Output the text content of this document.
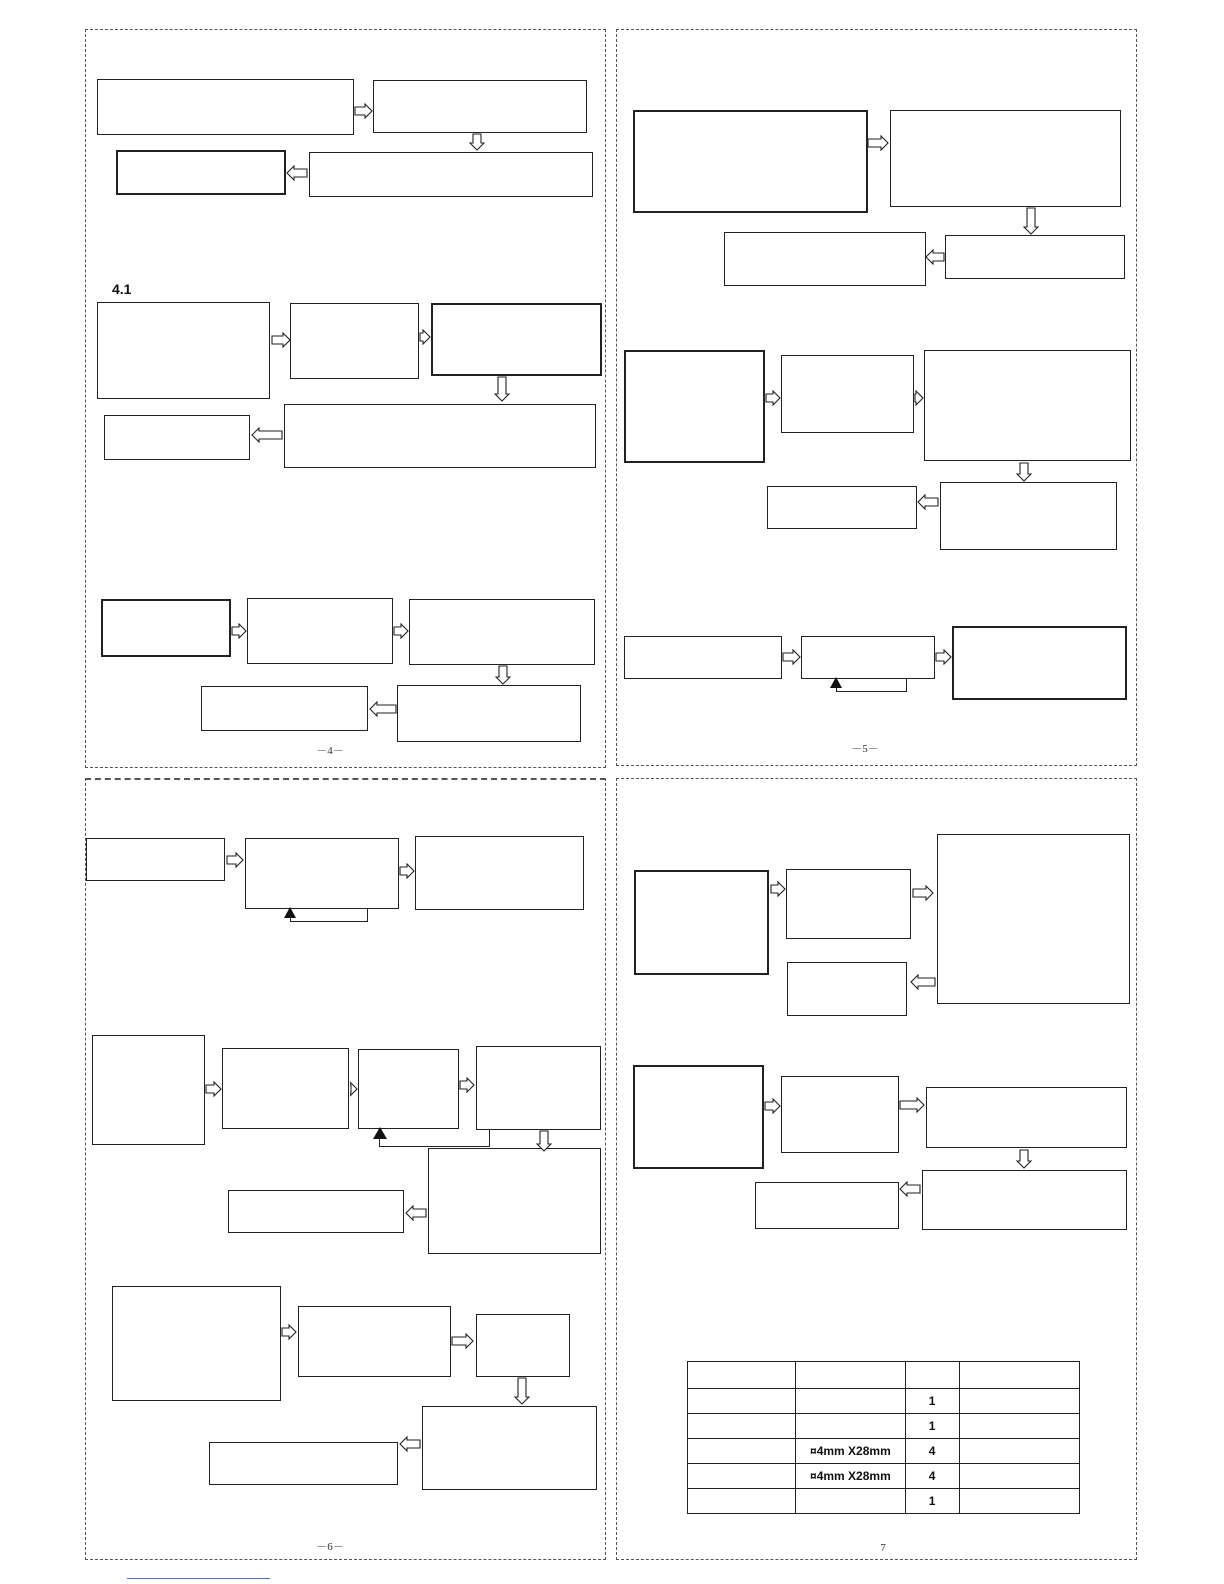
4.1
－4－	－5－
－6－

		1	
		1	
	¤4mm X28mm	4	
	¤4mm X28mm	4	
		1	
7
